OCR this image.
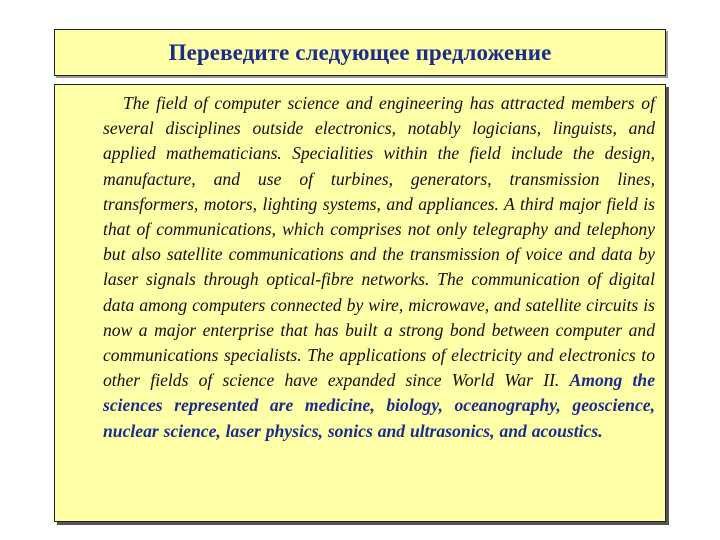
Переведите следующее предложение

The field of computer science and engineering has attracted members of several disciplines outside electronics, notably logicians, linguists, and applied mathematicians. Specialities within the field include the design, manufacture, and use of turbines, generators, transmission lines, transformers, motors, lighting systems, and appliances. A third major field is that of communications, which comprises not only telegraphy and telephony but also satellite communications and the transmission of voice and data by laser signals through optical-fibre networks. The communication of digital data among computers connected by wire, microwave, and satellite circuits is now a major enterprise that has built a strong bond between computer and communications specialists. The applications of electricity and electronics to other fields of science have expanded since World War II. Among the sciences represented are medicine, biology, oceanography, geoscience, nuclear science, laser physics, sonics and ultrasonics, and acoustics.
